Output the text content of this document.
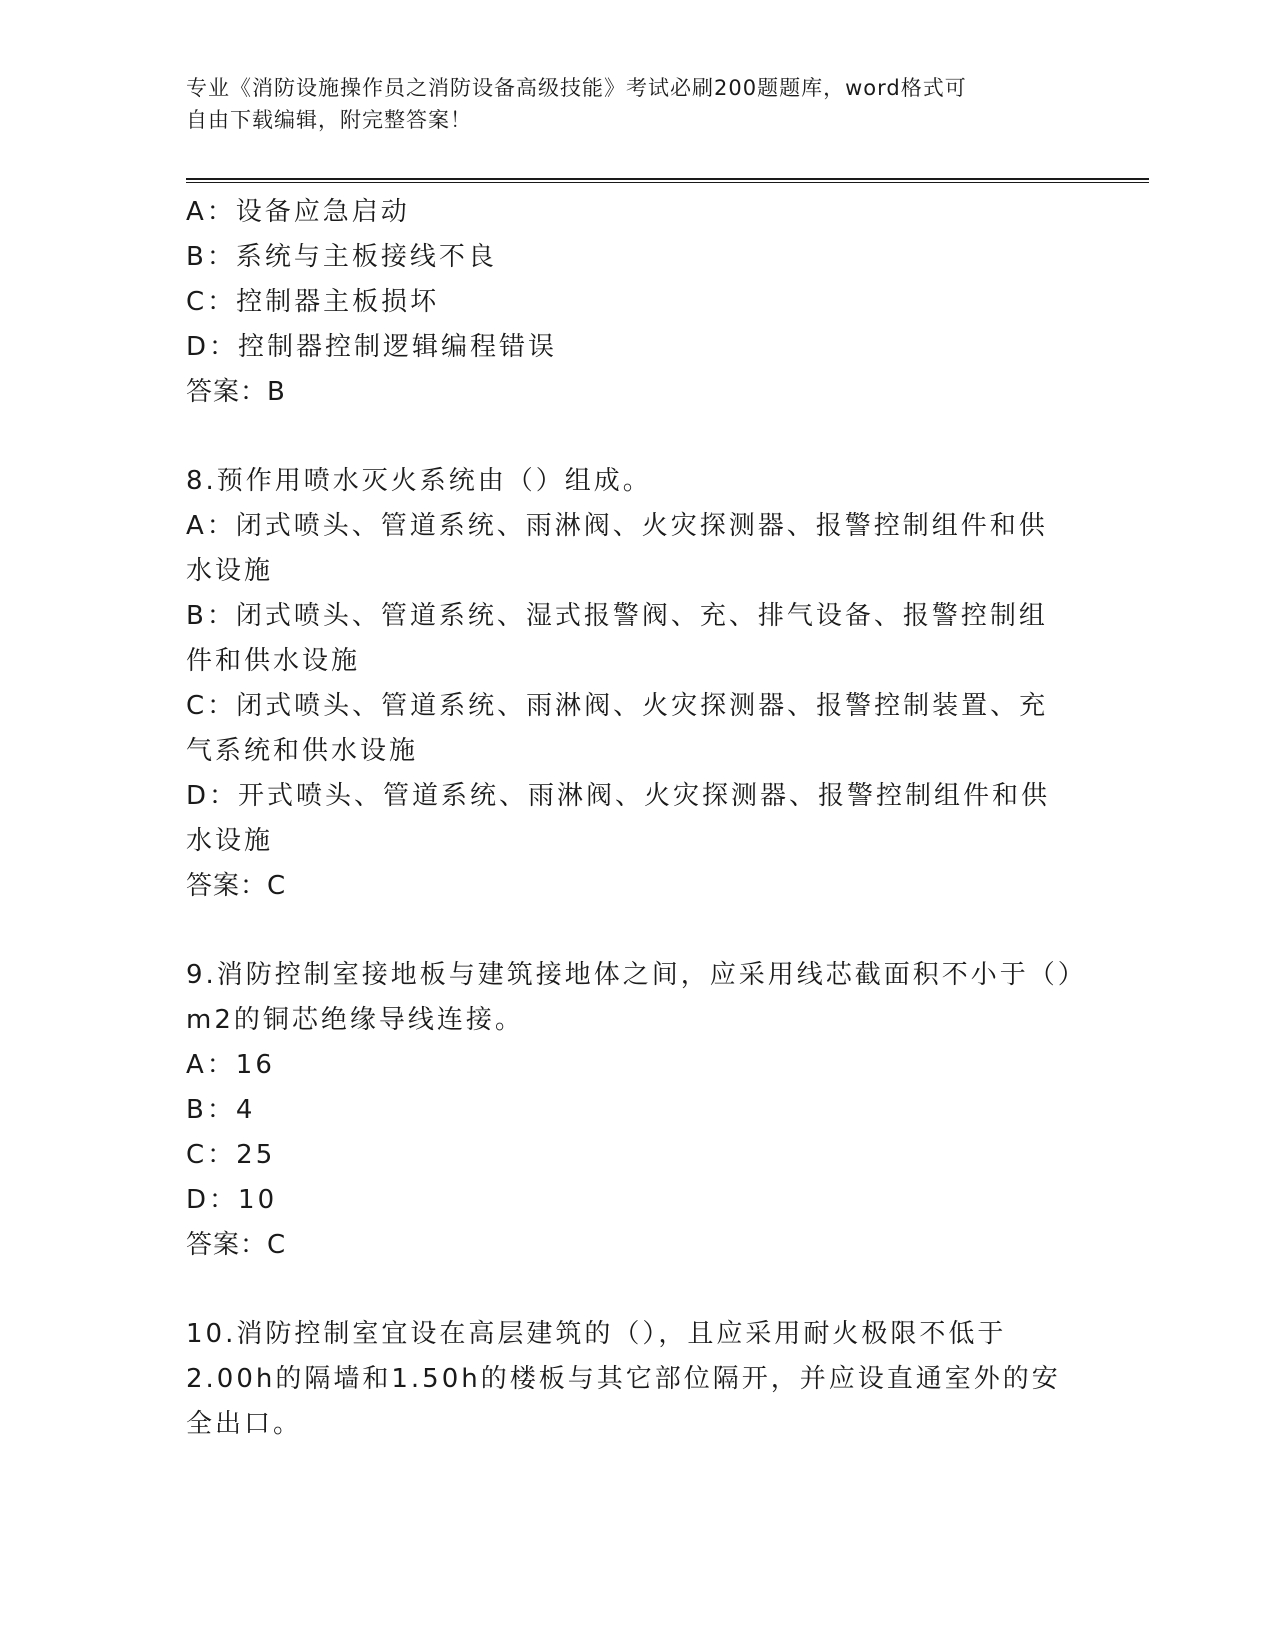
专业《消防设施操作员之消防设备高级技能》考试必刷200题题库，word格式可
自由下载编辑，附完整答案！
A：设备应急启动
B：系统与主板接线不良
C：控制器主板损坏
D：控制器控制逻辑编程错误
答案：B
8.预作用喷水灭火系统由（）组成。
A：闭式喷头、管道系统、雨淋阀、火灾探测器、报警控制组件和供水设施
B：闭式喷头、管道系统、湿式报警阀、充、排气设备、报警控制组件和供水设施
C：闭式喷头、管道系统、雨淋阀、火灾探测器、报警控制装置、充气系统和供水设施
D：开式喷头、管道系统、雨淋阀、火灾探测器、报警控制组件和供水设施
答案：C
9.消防控制室接地板与建筑接地体之间，应采用线芯截面积不小于（）m2的铜芯绝缘导线连接。
A：16
B：4
C：25
D：10
答案：C
10.消防控制室宜设在高层建筑的（），且应采用耐火极限不低于2.00h的隔墙和1.50h的楼板与其它部位隔开，并应设直通室外的安全出口。
